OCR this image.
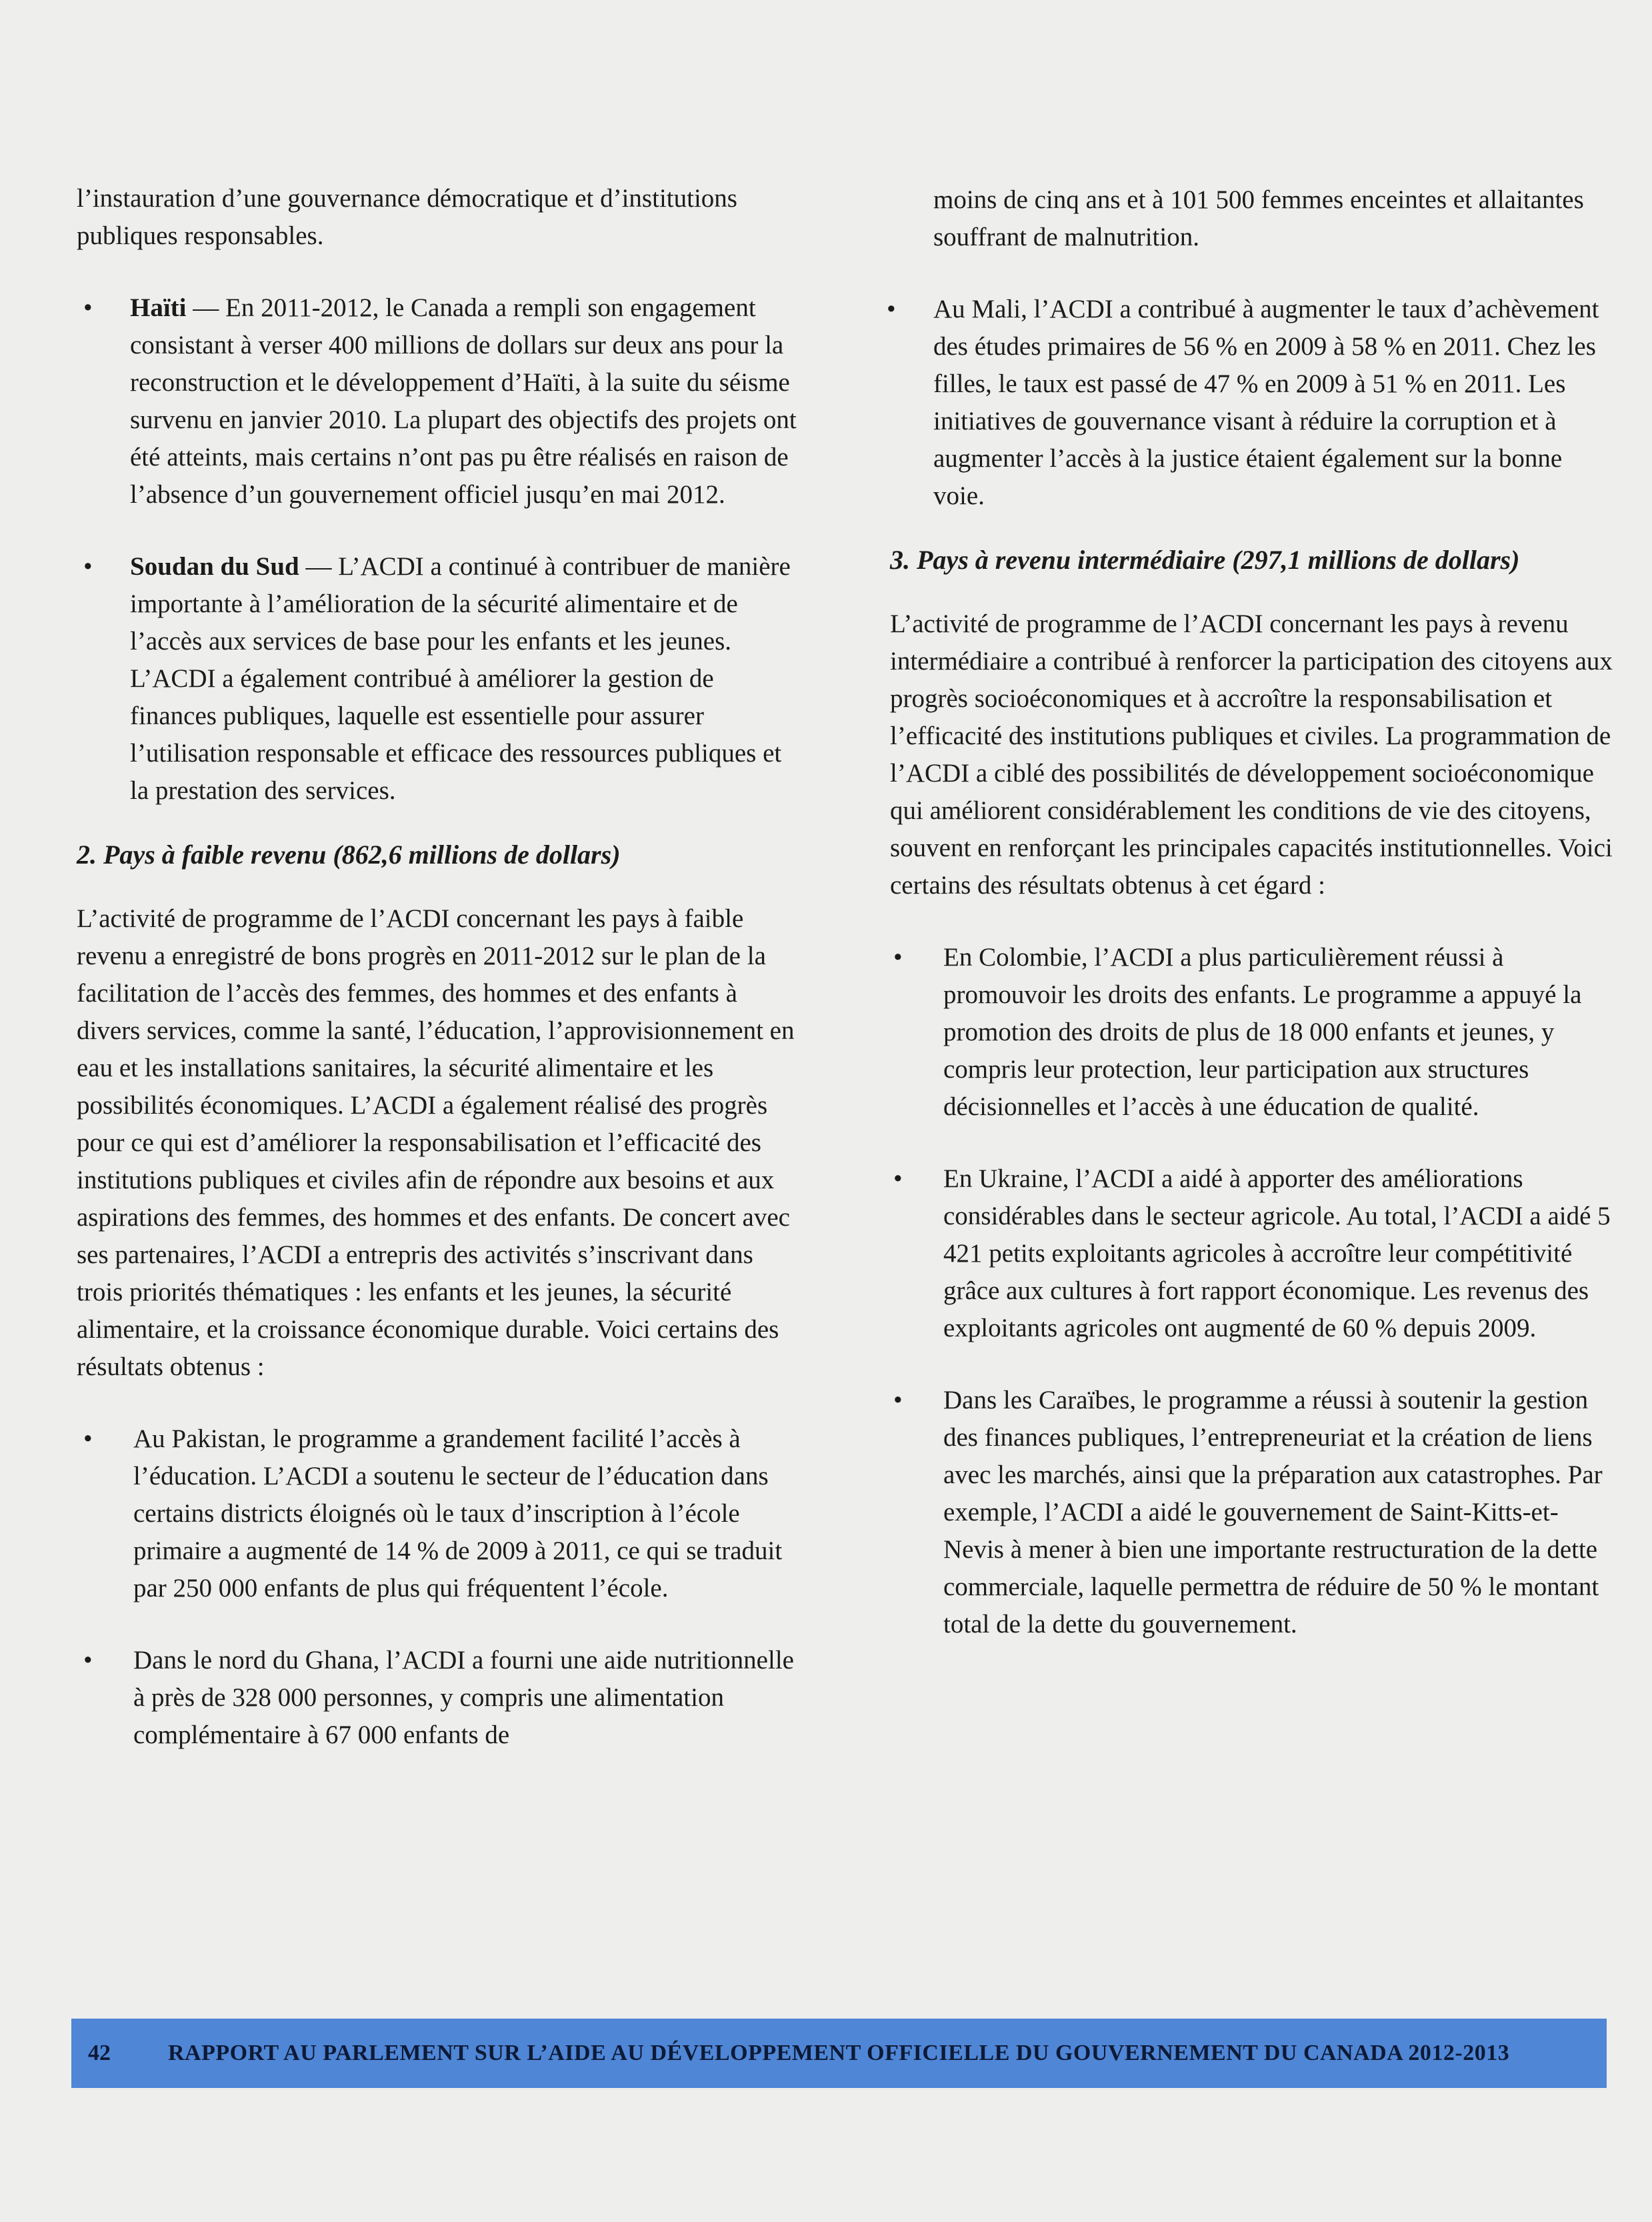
l’instauration d’une gouvernance démocratique et d’institutions publiques responsables.

• Haïti — En 2011-2012, le Canada a rempli son engagement consistant à verser 400 millions de dollars sur deux ans pour la reconstruction et le développement d’Haïti, à la suite du séisme survenu en janvier 2010. La plupart des objectifs des projets ont été atteints, mais certains n’ont pas pu être réalisés en raison de l’absence d’un gouvernement officiel jusqu’en mai 2012.

• Soudan du Sud — L’ACDI a continué à contribuer de manière importante à l’amélioration de la sécurité alimentaire et de l’accès aux services de base pour les enfants et les jeunes. L’ACDI a également contribué à améliorer la gestion de finances publiques, laquelle est essentielle pour assurer l’utilisation responsable et efficace des ressources publiques et la prestation des services.

2. Pays à faible revenu (862,6 millions de dollars)

L’activité de programme de l’ACDI concernant les pays à faible revenu a enregistré de bons progrès en 2011-2012 sur le plan de la facilitation de l’accès des femmes, des hommes et des enfants à divers services, comme la santé, l’éducation, l’approvisionnement en eau et les installations sanitaires, la sécurité alimentaire et les possibilités économiques. L’ACDI a également réalisé des progrès pour ce qui est d’améliorer la responsabilisation et l’efficacité des institutions publiques et civiles afin de répondre aux besoins et aux aspirations des femmes, des hommes et des enfants. De concert avec ses partenaires, l’ACDI a entrepris des activités s’inscrivant dans trois priorités thématiques : les enfants et les jeunes, la sécurité alimentaire, et la croissance économique durable. Voici certains des résultats obtenus :

• Au Pakistan, le programme a grandement facilité l’accès à l’éducation. L’ACDI a soutenu le secteur de l’éducation dans certains districts éloignés où le taux d’inscription à l’école primaire a augmenté de 14 % de 2009 à 2011, ce qui se traduit par 250 000 enfants de plus qui fréquentent l’école.

• Dans le nord du Ghana, l’ACDI a fourni une aide nutritionnelle à près de 328 000 personnes, y compris une alimentation complémentaire à 67 000 enfants de

moins de cinq ans et à 101 500 femmes enceintes et allaitantes souffrant de malnutrition.

• Au Mali, l’ACDI a contribué à augmenter le taux d’achèvement des études primaires de 56 % en 2009 à 58 % en 2011. Chez les filles, le taux est passé de 47 % en 2009 à 51 % en 2011. Les initiatives de gouvernance visant à réduire la corruption et à augmenter l’accès à la justice étaient également sur la bonne voie.

3. Pays à revenu intermédiaire (297,1 millions de dollars)

L’activité de programme de l’ACDI concernant les pays à revenu intermédiaire a contribué à renforcer la participation des citoyens aux progrès socioéconomiques et à accroître la responsabilisation et l’efficacité des institutions publiques et civiles. La programmation de l’ACDI a ciblé des possibilités de développement socioéconomique qui améliorent considérablement les conditions de vie des citoyens, souvent en renforçant les principales capacités institutionnelles. Voici certains des résultats obtenus à cet égard :

• En Colombie, l’ACDI a plus particulièrement réussi à promouvoir les droits des enfants. Le programme a appuyé la promotion des droits de plus de 18 000 enfants et jeunes, y compris leur protection, leur participation aux structures décisionnelles et l’accès à une éducation de qualité.

• En Ukraine, l’ACDI a aidé à apporter des améliorations considérables dans le secteur agricole. Au total, l’ACDI a aidé 5 421 petits exploitants agricoles à accroître leur compétitivité grâce aux cultures à fort rapport économique. Les revenus des exploitants agricoles ont augmenté de 60 % depuis 2009.

• Dans les Caraïbes, le programme a réussi à soutenir la gestion des finances publiques, l’entrepreneuriat et la création de liens avec les marchés, ainsi que la préparation aux catastrophes. Par exemple, l’ACDI a aidé le gouvernement de Saint-Kitts-et-Nevis à mener à bien une importante restructuration de la dette commerciale, laquelle permettra de réduire de 50 % le montant total de la dette du gouvernement.

42	RAPPORT AU PARLEMENT SUR L’AIDE AU DÉVELOPPEMENT OFFICIELLE DU GOUVERNEMENT DU CANADA 2012-2013
